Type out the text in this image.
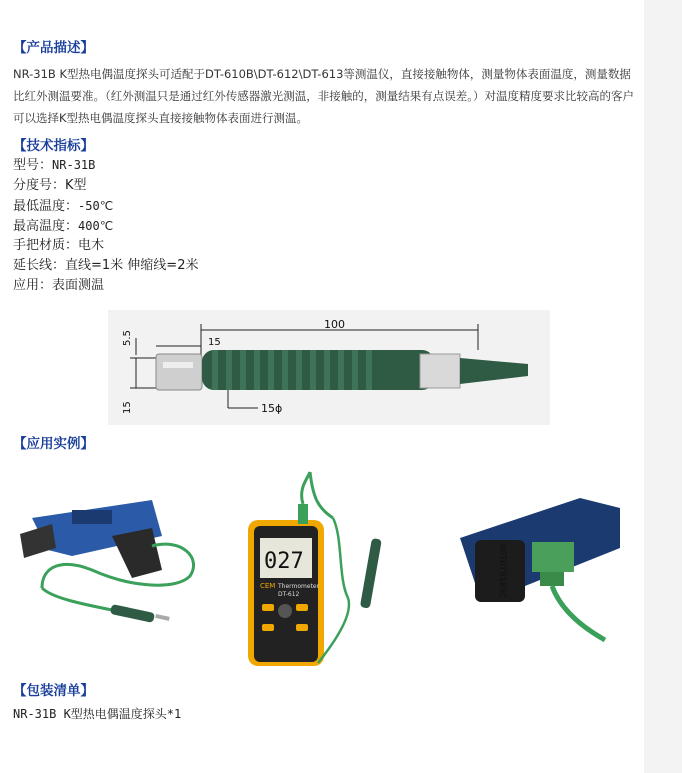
【产品描述】
NR-31B K型热电偶温度探头可适配于DT-610B\DT-612\DT-613等测温仪，直接接触物体，测量物体表面温度，测量数据比红外测温要准。（红外测温只是通过红外传感器激光测温，非接触的，测量结果有点误差。）对温度精度要求比较高的客户可以选择K型热电偶温度探头直接接触物体表面进行测温。
【技术指标】
型号：NR-31B
分度号：K型
最低温度：-50℃
最高温度：400℃
手把材质：电木
延长线：直线=1米 伸缩线=2米
应用：表面测温
100
15
5.5
15	15ϕ
【应用实例】
027
CEM Thermometer
DT-612	NOTDT9109C
【包装清单】
NR-31B K型热电偶温度探头*1
